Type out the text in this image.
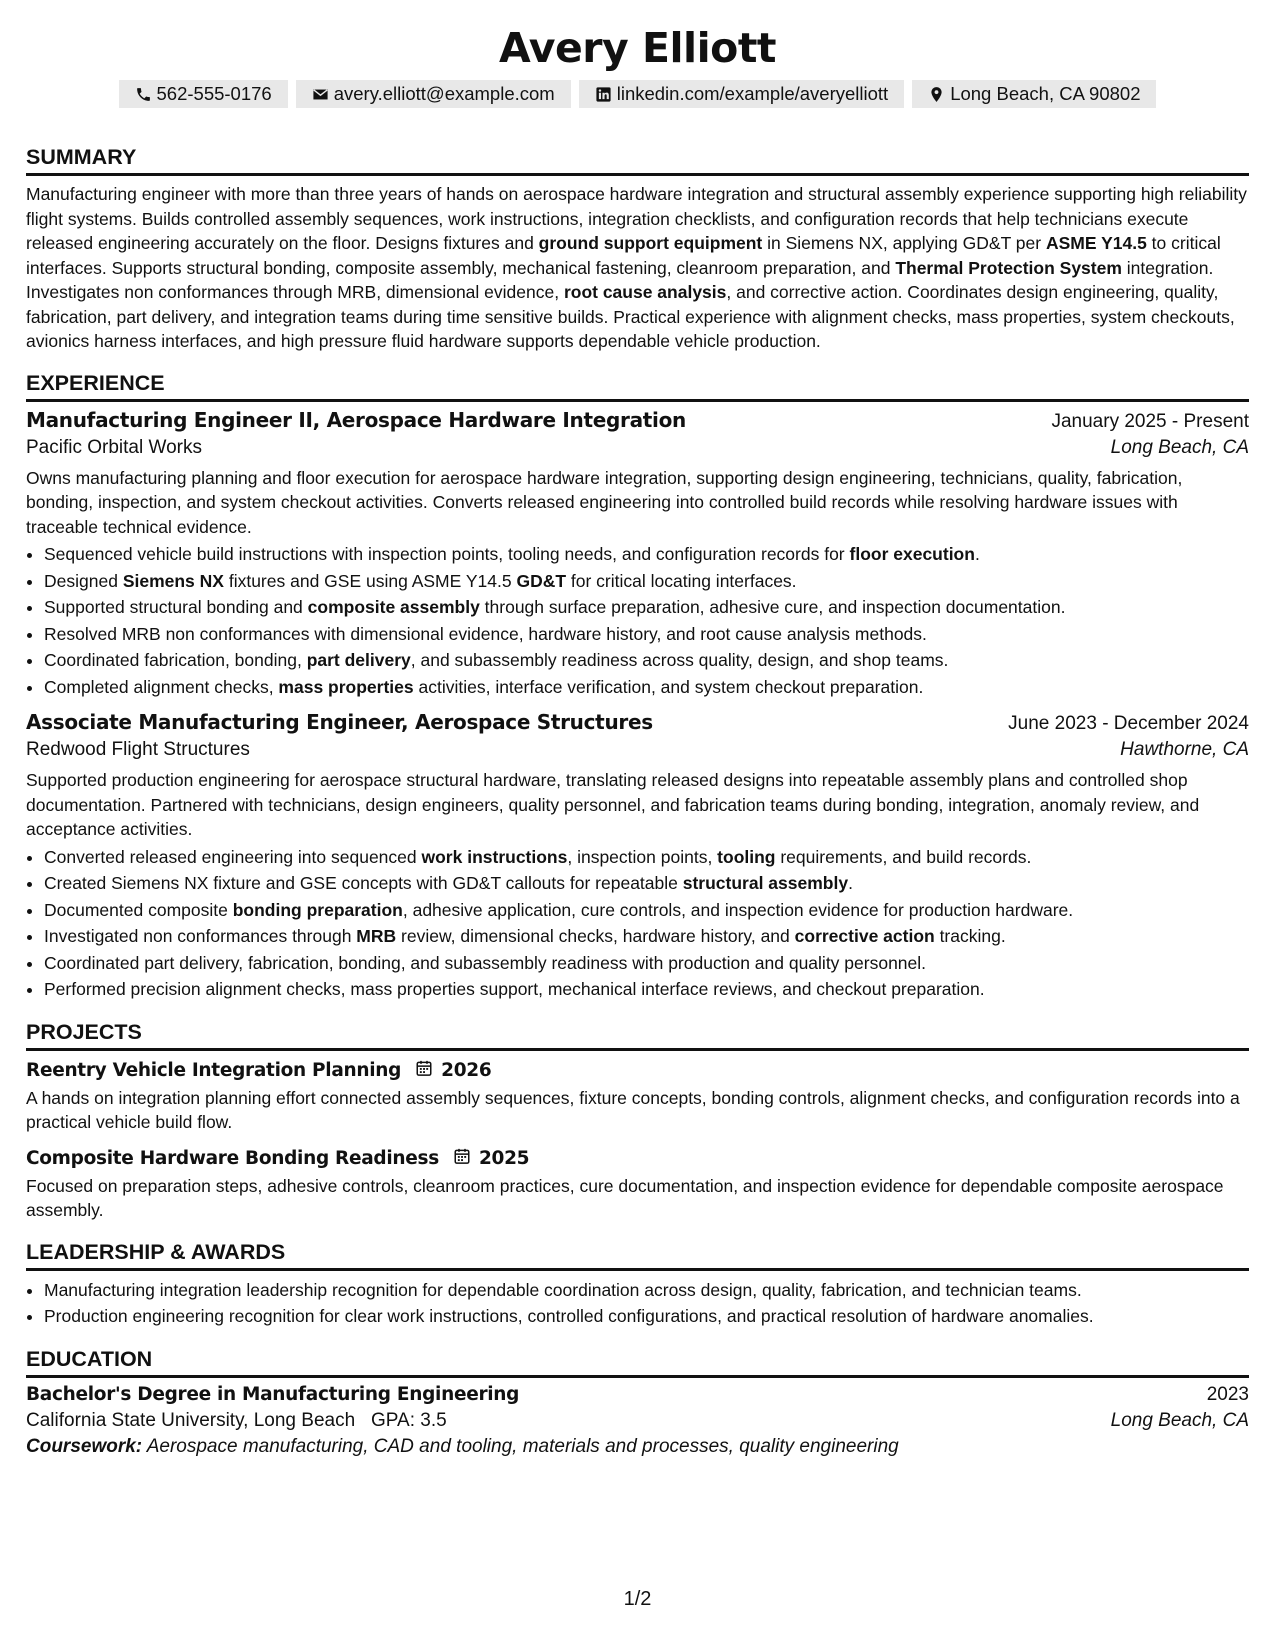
Avery Elliott
562-555-0176	avery.elliott@example.com	linkedin.com/example/averyelliott	Long Beach, CA 90802
SUMMARY

Manufacturing engineer with more than three years of hands on aerospace hardware integration and structural assembly experience supporting high reliability flight systems. Builds controlled assembly sequences, work instructions, integration checklists, and configuration records that help technicians execute released engineering accurately on the floor. Designs fixtures and ground support equipment in Siemens NX, applying GD&T per ASME Y14.5 to critical interfaces. Supports structural bonding, composite assembly, mechanical fastening, cleanroom preparation, and Thermal Protection System integration. Investigates non conformances through MRB, dimensional evidence, root cause analysis, and corrective action. Coordinates design engineering, quality, fabrication, part delivery, and integration teams during time sensitive builds. Practical experience with alignment checks, mass properties, system checkouts, avionics harness interfaces, and high pressure fluid hardware supports dependable vehicle production.

EXPERIENCE
Manufacturing Engineer II, Aerospace Hardware Integration	January 2025 - Present
Pacific Orbital Works	Long Beach, CA

Owns manufacturing planning and floor execution for aerospace hardware integration, supporting design engineering, technicians, quality, fabrication, bonding, inspection, and system checkout activities. Converts released engineering into controlled build records while resolving hardware issues with traceable technical evidence.

• Sequenced vehicle build instructions with inspection points, tooling needs, and configuration records for floor execution.
• Designed Siemens NX fixtures and GSE using ASME Y14.5 GD&T for critical locating interfaces.
• Supported structural bonding and composite assembly through surface preparation, adhesive cure, and inspection documentation.
• Resolved MRB non conformances with dimensional evidence, hardware history, and root cause analysis methods.
• Coordinated fabrication, bonding, part delivery, and subassembly readiness across quality, design, and shop teams.
• Completed alignment checks, mass properties activities, interface verification, and system checkout preparation.
Associate Manufacturing Engineer, Aerospace Structures	June 2023 - December 2024
Redwood Flight Structures	Hawthorne, CA

Supported production engineering for aerospace structural hardware, translating released designs into repeatable assembly plans and controlled shop documentation. Partnered with technicians, design engineers, quality personnel, and fabrication teams during bonding, integration, anomaly review, and acceptance activities.

• Converted released engineering into sequenced work instructions, inspection points, tooling requirements, and build records.
• Created Siemens NX fixture and GSE concepts with GD&T callouts for repeatable structural assembly.
• Documented composite bonding preparation, adhesive application, cure controls, and inspection evidence for production hardware.
• Investigated non conformances through MRB review, dimensional checks, hardware history, and corrective action tracking.
• Coordinated part delivery, fabrication, bonding, and subassembly readiness with production and quality personnel.
• Performed precision alignment checks, mass properties support, mechanical interface reviews, and checkout preparation.
PROJECTS
Reentry Vehicle Integration Planning 2026

A hands on integration planning effort connected assembly sequences, fixture concepts, bonding controls, alignment checks, and configuration records into a practical vehicle build flow.

Composite Hardware Bonding Readiness 2025

Focused on preparation steps, adhesive controls, cleanroom practices, cure documentation, and inspection evidence for dependable composite aerospace assembly.

LEADERSHIP & AWARDS
• Manufacturing integration leadership recognition for dependable coordination across design, quality, fabrication, and technician teams.
• Production engineering recognition for clear work instructions, controlled configurations, and practical resolution of hardware anomalies.
EDUCATION
Bachelor's Degree in Manufacturing Engineering	2023
California State University, Long Beach GPA: 3.5	Long Beach, CA
Coursework: Aerospace manufacturing, CAD and tooling, materials and processes, quality engineering
1/2
